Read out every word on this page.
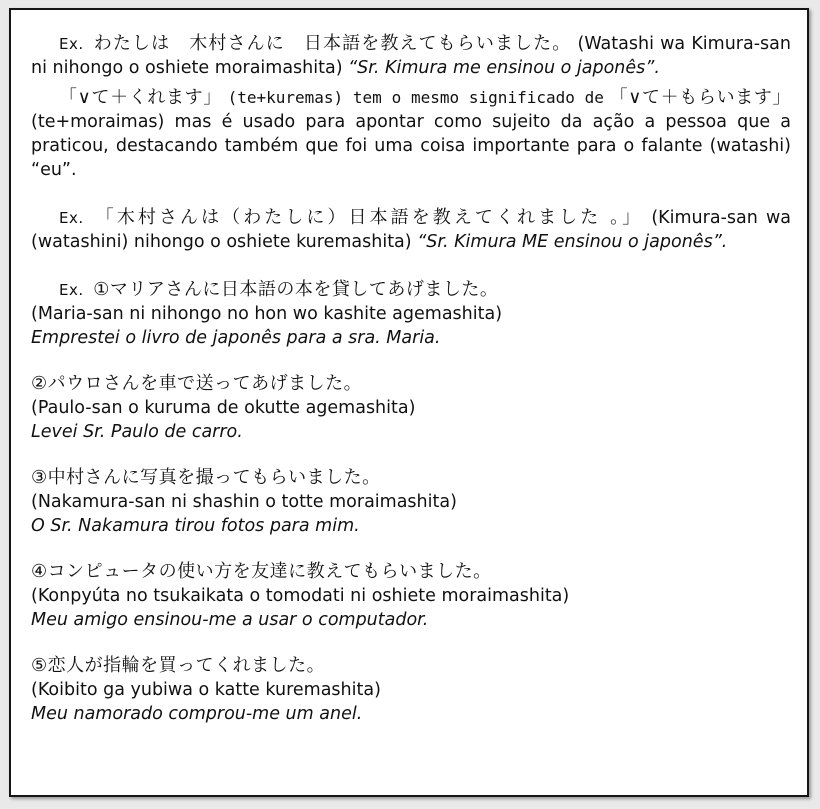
Ex. わたしは　木村さんに　日本語を教えてもらいました。 (Watashi wa Kimura-san ni nihongo o oshiete moraimashita) “Sr. Kimura me ensinou o japonês”.

「∨て＋くれます」 (te+kuremas) tem o mesmo significado de 「∨て＋もらいます」 (te+moraimas) mas é usado para apontar como sujeito da ação a pessoa que a praticou, destacando também que foi uma coisa importante para o falante (watashi) “eu”.

Ex. 「木村さんは（わたしに）日本語を教えてくれました 。」 (Kimura-san wa (watashini) nihongo o oshiete kuremashita) “Sr. Kimura ME ensinou o japonês”.

Ex. ①マリアさんに日本語の本を貸してあげました。

(Maria-san ni nihongo no hon wo kashite agemashita)

Emprestei o livro de japonês para a sra. Maria.

②パウロさんを車で送ってあげました。

(Paulo-san o kuruma de okutte agemashita)

Levei Sr. Paulo de carro.

③中村さんに写真を撮ってもらいました。

(Nakamura-san ni shashin o totte moraimashita)

O Sr. Nakamura tirou fotos para mim.

④コンピュータの使い方を友達に教えてもらいました。

(Konpyúta no tsukaikata o tomodati ni oshiete moraimashita)

Meu amigo ensinou-me a usar o computador.

⑤恋人が指輪を買ってくれました。

(Koibito ga yubiwa o katte kuremashita)

Meu namorado comprou-me um anel.
